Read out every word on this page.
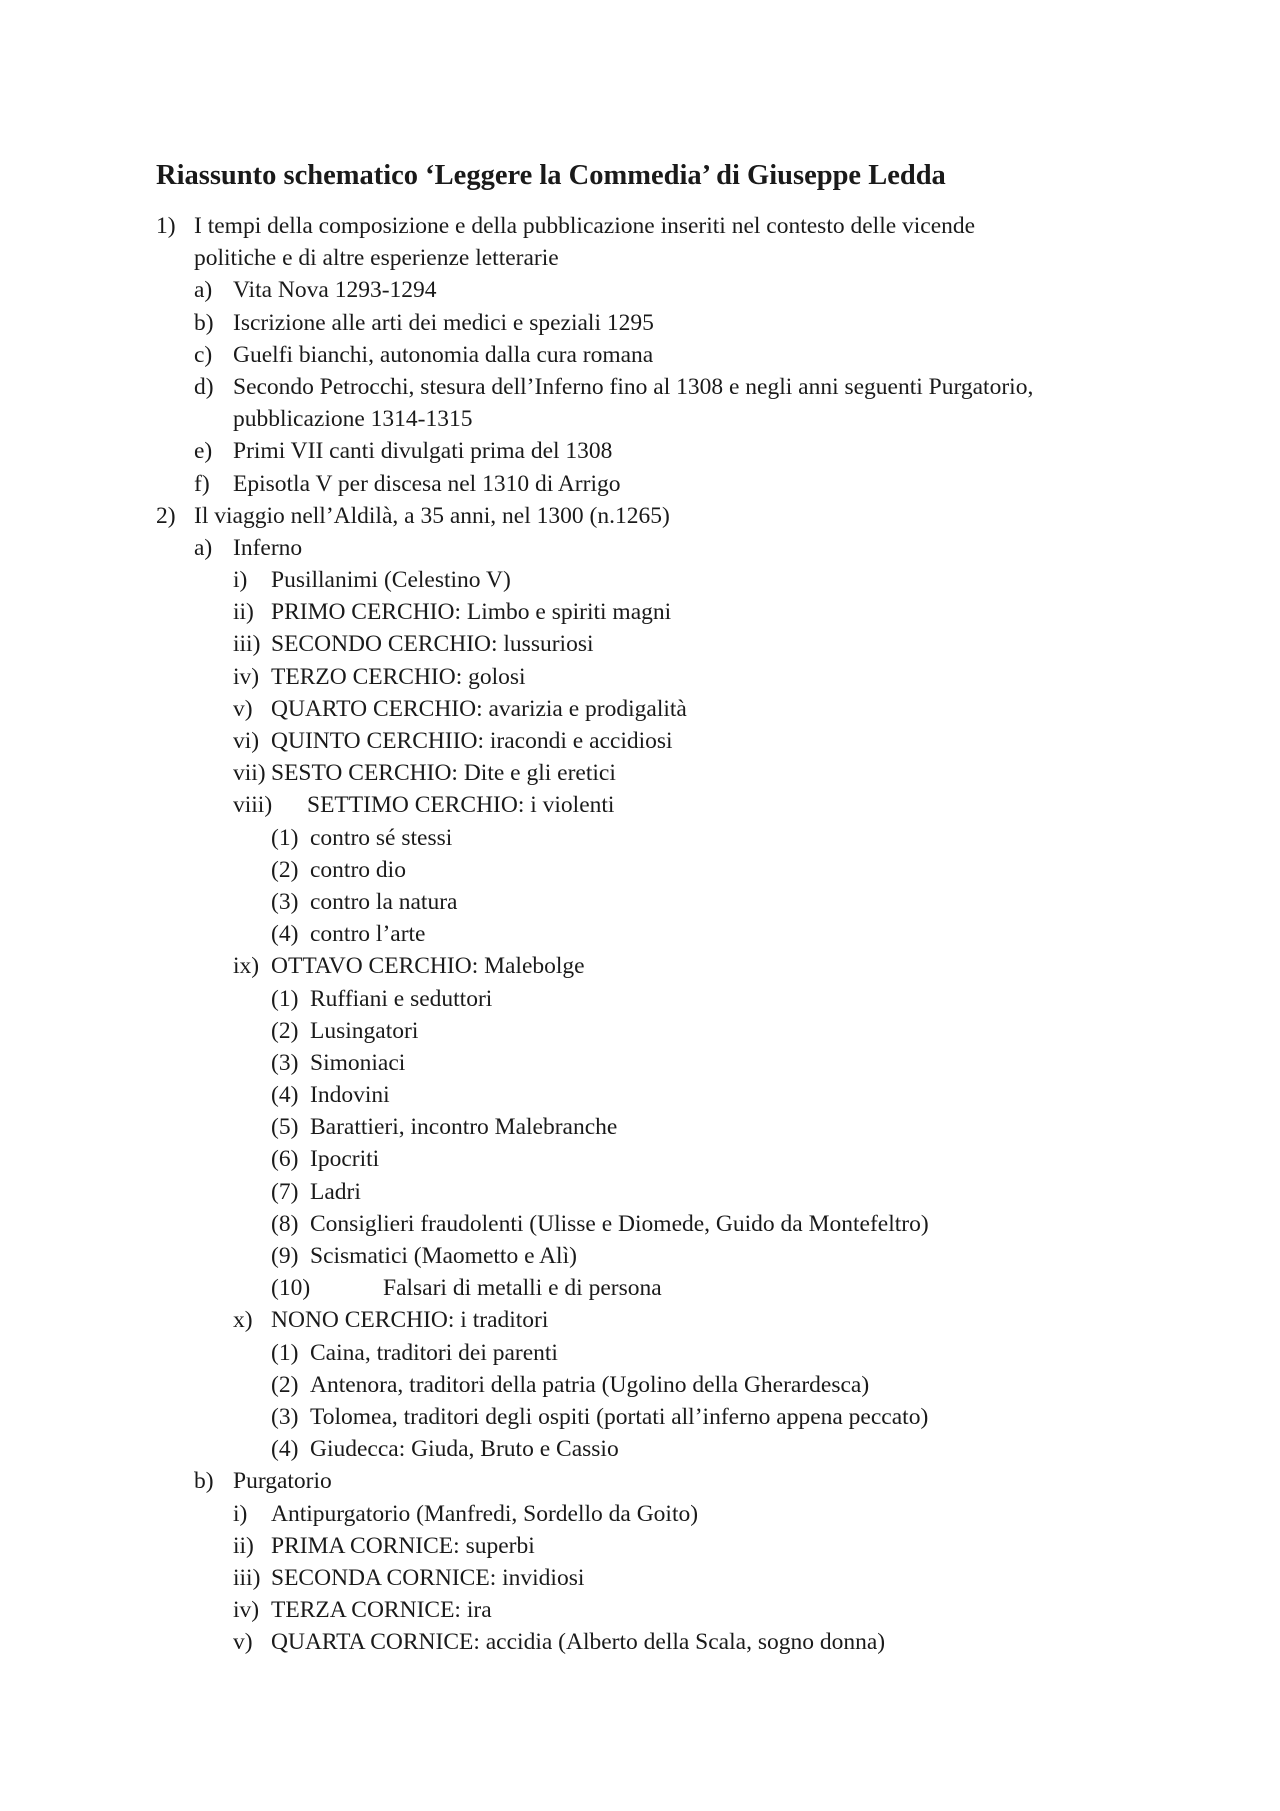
Riassunto schematico ‘Leggere la Commedia’ di Giuseppe Ledda
1) I tempi della composizione e della pubblicazione inseriti nel contesto delle vicende
politiche e di altre esperienze letterarie
a) Vita Nova 1293-1294
b) Iscrizione alle arti dei medici e speziali 1295
c) Guelfi bianchi, autonomia dalla cura romana
d) Secondo Petrocchi, stesura dell’Inferno fino al 1308 e negli anni seguenti Purgatorio,
pubblicazione 1314-1315
e) Primi VII canti divulgati prima del 1308
f) Episotla V per discesa nel 1310 di Arrigo
2) Il viaggio nell’Aldilà, a 35 anni, nel 1300 (n.1265)
a) Inferno
i) Pusillanimi (Celestino V)
ii) PRIMO CERCHIO: Limbo e spiriti magni
iii) SECONDO CERCHIO: lussuriosi
iv) TERZO CERCHIO: golosi
v) QUARTO CERCHIO: avarizia e prodigalità
vi) QUINTO CERCHIIO: iracondi e accidiosi
vii) SESTO CERCHIO: Dite e gli eretici
viii) SETTIMO CERCHIO: i violenti
(1) contro sé stessi
(2) contro dio
(3) contro la natura
(4) contro l’arte
ix) OTTAVO CERCHIO: Malebolge
(1) Ruffiani e seduttori
(2) Lusingatori
(3) Simoniaci
(4) Indovini
(5) Barattieri, incontro Malebranche
(6) Ipocriti
(7) Ladri
(8) Consiglieri fraudolenti (Ulisse e Diomede, Guido da Montefeltro)
(9) Scismatici (Maometto e Alì)
(10)	Falsari di metalli e di persona
x) NONO CERCHIO: i traditori
(1) Caina, traditori dei parenti
(2) Antenora, traditori della patria (Ugolino della Gherardesca)
(3) Tolomea, traditori degli ospiti (portati all’inferno appena peccato)
(4) Giudecca: Giuda, Bruto e Cassio
b) Purgatorio
i) Antipurgatorio (Manfredi, Sordello da Goito)
ii) PRIMA CORNICE: superbi
iii) SECONDA CORNICE: invidiosi
iv) TERZA CORNICE: ira
v) QUARTA CORNICE: accidia (Alberto della Scala, sogno donna)
